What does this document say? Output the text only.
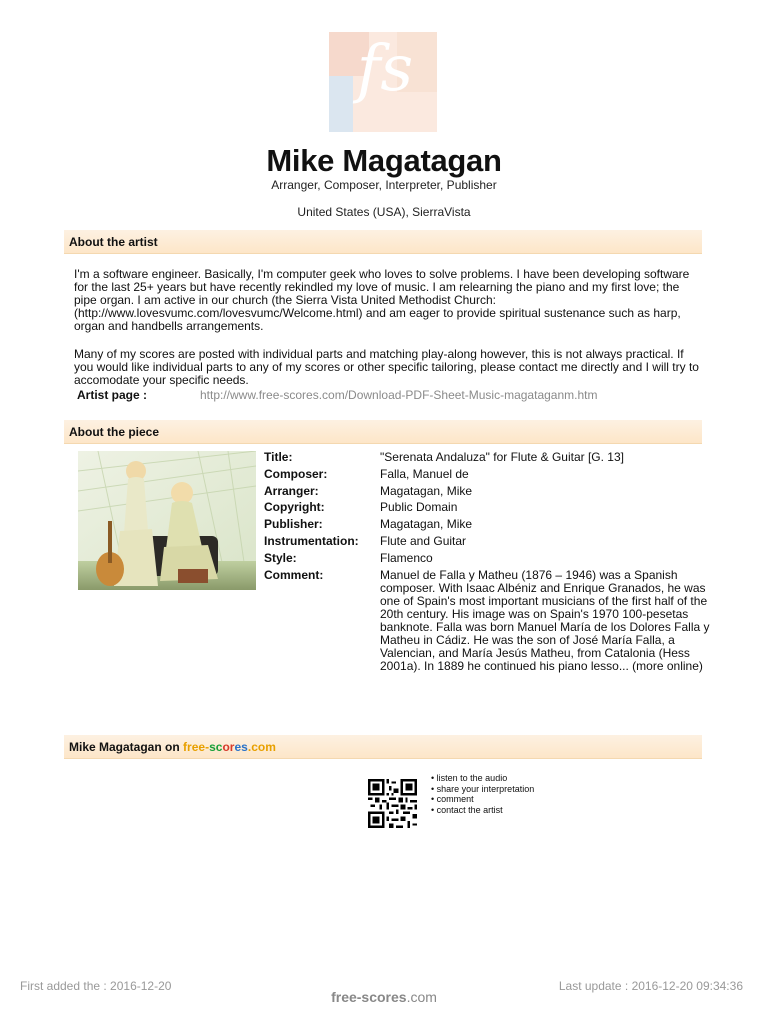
fs
Mike Magatagan
Arranger, Composer, Interpreter, Publisher
United States (USA), SierraVista
About the artist
I'm a software engineer. Basically, I'm computer geek who loves to solve problems. I have been developing software for the last 25+ years but have recently rekindled my love of music. I am relearning the piano and my first love; the pipe organ. I am active in our church (the Sierra Vista United Methodist Church: (http://www.lovesvumc.com/lovesvumc/Welcome.html) and am eager to provide spiritual sustenance such as harp, organ and handbells arrangements.
Many of my scores are posted with individual parts and matching play-along however, this is not always practical. If you would like individual parts to any of my scores or other specific tailoring, please contact me directly and I will try to accomodate your specific needs.
Artist page :	http://www.free-scores.com/Download-PDF-Sheet-Music-magataganm.htm
About the piece
Title:	"Serenata Andaluza" for Flute & Guitar [G. 13]
Composer:	Falla, Manuel de
Arranger:	Magatagan, Mike
Copyright:	Public Domain
Publisher:	Magatagan, Mike
Instrumentation:	Flute and Guitar
Style:	Flamenco
Comment:	Manuel de Falla y Matheu (1876 – 1946) was a Spanish composer. With Isaac Albéniz and Enrique Granados, he was one of Spain's most important musicians of the first half of the 20th century. His image was on Spain's 1970 100-pesetas banknote. Falla was born Manuel María de los Dolores Falla y Matheu in Cádiz. He was the son of José María Falla, a Valencian, and María Jesús Matheu, from Catalonia (Hess 2001a). In 1889 he continued his piano lesso... (more online)
Mike Magatagan on free-scores.com
• listen to the audio
• share your interpretation
• comment
• contact the artist
First added the : 2016-12-20	Last update : 2016-12-20 09:34:36
free-scores.com
